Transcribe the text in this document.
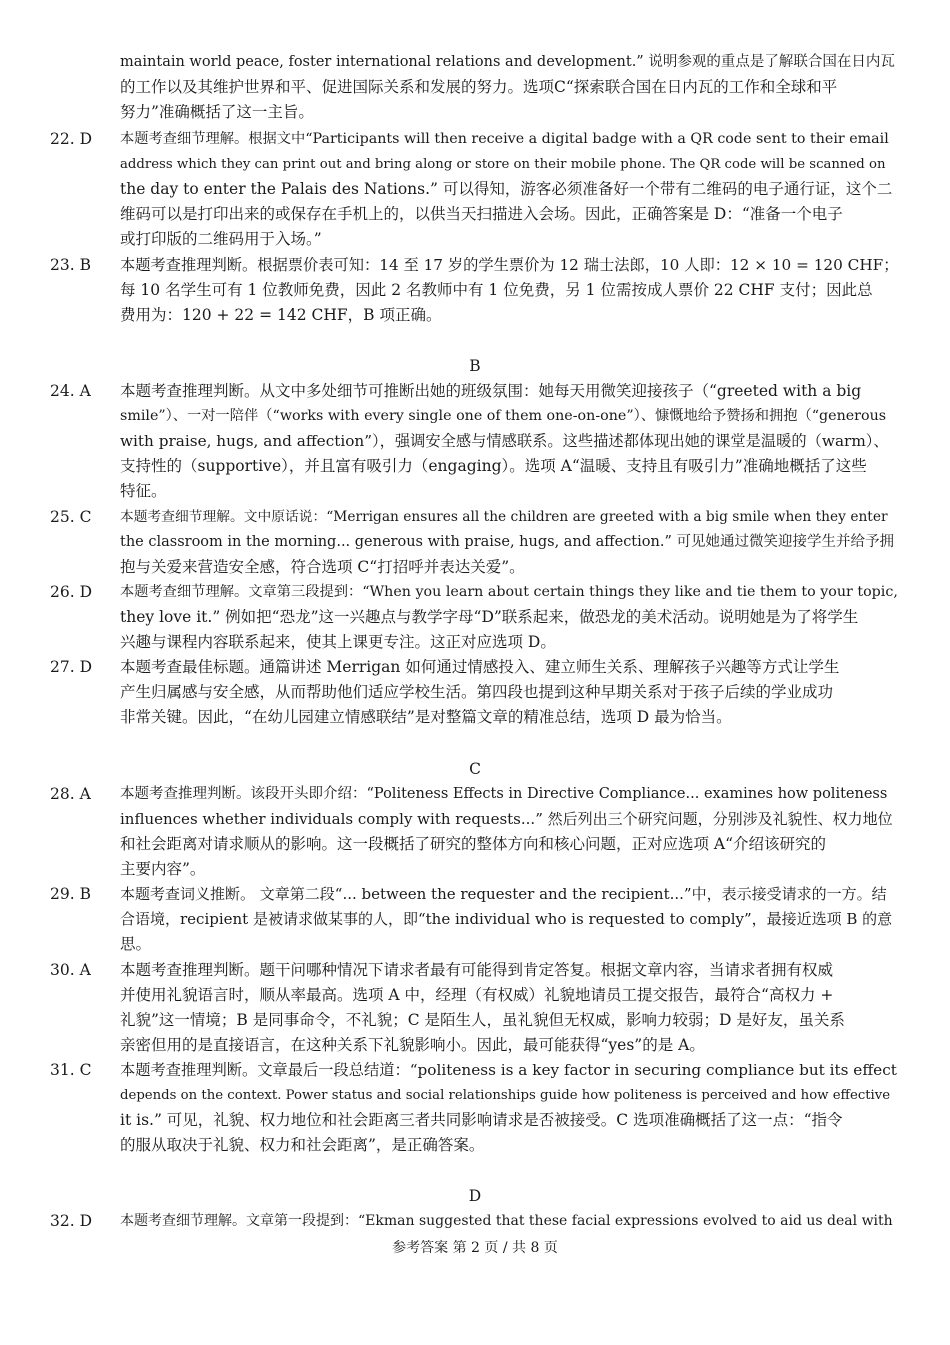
maintain world peace, foster international relations and development.” 说明参观的重点是了解联合国在日内瓦
的工作以及其维护世界和平、促进国际关系和发展的努力。选项C“探索联合国在日内瓦的工作和全球和平
努力”准确概括了这一主旨。
22. D	本题考查细节理解。根据文中“Participants will then receive a digital badge with a QR code sent to their email
address which they can print out and bring along or store on their mobile phone. The QR code will be scanned on
the day to enter the Palais des Nations.” 可以得知，游客必须准备好一个带有二维码的电子通行证，这个二
维码可以是打印出来的或保存在手机上的，以供当天扫描进入会场。因此，正确答案是 D：“准备一个电子
或打印版的二维码用于入场。”
23. B	本题考查推理判断。根据票价表可知：14 至 17 岁的学生票价为 12 瑞士法郎，10 人即：12 × 10 = 120 CHF；
每 10 名学生可有 1 位教师免费，因此 2 名教师中有 1 位免费，另 1 位需按成人票价 22 CHF 支付；因此总
费用为：120 + 22 = 142 CHF，B 项正确。
B
24. A	本题考查推理判断。从文中多处细节可推断出她的班级氛围：她每天用微笑迎接孩子（“greeted with a big
smile”）、一对一陪伴（“works with every single one of them one-on-one”）、慷慨地给予赞扬和拥抱（“generous
with praise, hugs, and affection”），强调安全感与情感联系。这些描述都体现出她的课堂是温暖的（warm）、
支持性的（supportive），并且富有吸引力（engaging）。选项 A“温暖、支持且有吸引力”准确地概括了这些
特征。
25. C	本题考查细节理解。文中原话说：“Merrigan ensures all the children are greeted with a big smile when they enter
the classroom in the morning... generous with praise, hugs, and affection.” 可见她通过微笑迎接学生并给予拥
抱与关爱来营造安全感，符合选项 C“打招呼并表达关爱”。
26. D	本题考查细节理解。文章第三段提到：“When you learn about certain things they like and tie them to your topic,
they love it.” 例如把“恐龙”这一兴趣点与教学字母“D”联系起来，做恐龙的美术活动。说明她是为了将学生
兴趣与课程内容联系起来，使其上课更专注。这正对应选项 D。
27. D	本题考查最佳标题。通篇讲述 Merrigan 如何通过情感投入、建立师生关系、理解孩子兴趣等方式让学生
产生归属感与安全感，从而帮助他们适应学校生活。第四段也提到这种早期关系对于孩子后续的学业成功
非常关键。因此，“在幼儿园建立情感联结”是对整篇文章的精准总结，选项 D 最为恰当。
C
28. A	本题考查推理判断。该段开头即介绍：“Politeness Effects in Directive Compliance... examines how politeness
influences whether individuals comply with requests...” 然后列出三个研究问题，分别涉及礼貌性、权力地位
和社会距离对请求顺从的影响。这一段概括了研究的整体方向和核心问题，正对应选项 A“介绍该研究的
主要内容”。
29. B	本题考查词义推断。 文章第二段“... between the requester and the recipient...”中，表示接受请求的一方。结
合语境，recipient 是被请求做某事的人，即“the individual who is requested to comply”，最接近选项 B 的意
思。
30. A	本题考查推理判断。题干问哪种情况下请求者最有可能得到肯定答复。根据文章内容，当请求者拥有权威
并使用礼貌语言时，顺从率最高。选项 A 中，经理（有权威）礼貌地请员工提交报告，最符合“高权力 +
礼貌”这一情境；B 是同事命令，不礼貌；C 是陌生人，虽礼貌但无权威，影响力较弱；D 是好友，虽关系
亲密但用的是直接语言，在这种关系下礼貌影响小。因此，最可能获得“yes”的是 A。
31. C	本题考查推理判断。文章最后一段总结道：“politeness is a key factor in securing compliance but its effect
depends on the context. Power status and social relationships guide how politeness is perceived and how effective
it is.” 可见，礼貌、权力地位和社会距离三者共同影响请求是否被接受。C 选项准确概括了这一点：“指令
的服从取决于礼貌、权力和社会距离”，是正确答案。
D
32. D	本题考查细节理解。文章第一段提到：“Ekman suggested that these facial expressions evolved to aid us deal with
参考答案 第 2 页 / 共 8 页
